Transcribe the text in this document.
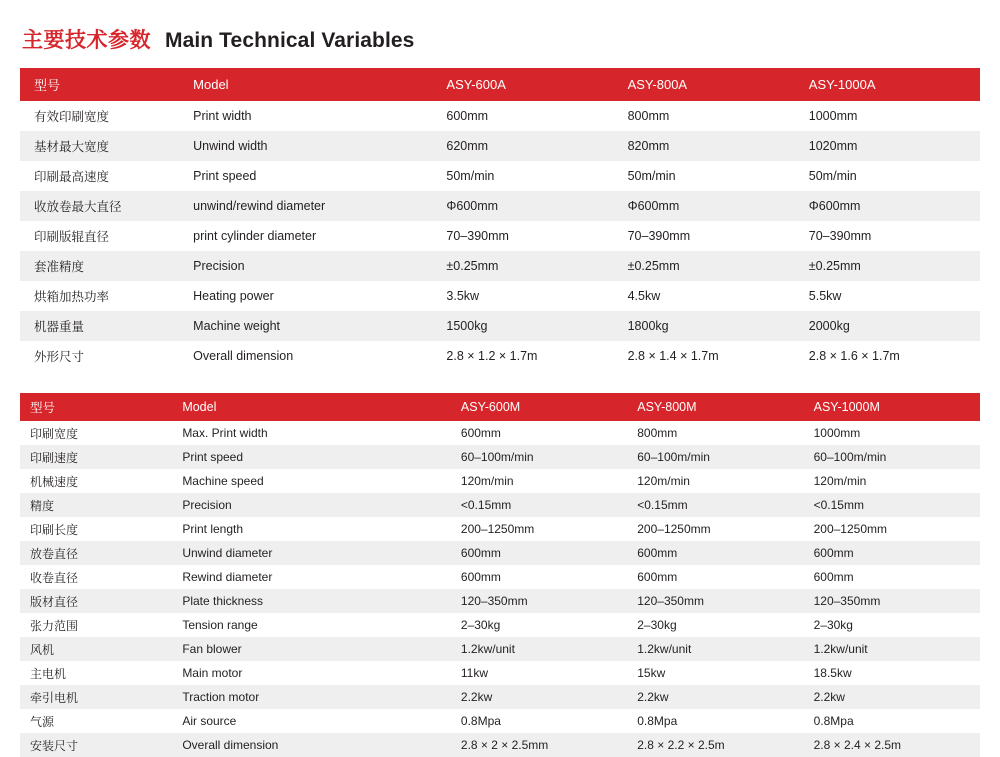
主要技术参数 Main Technical Variables
型号	Model	ASY-600A	ASY-800A	ASY-1000A
有效印刷宽度	Print width	600mm	800mm	1000mm
基材最大宽度	Unwind width	620mm	820mm	1020mm
印刷最高速度	Print speed	50m/min	50m/min	50m/min
收放卷最大直径	unwind/rewind diameter	Φ600mm	Φ600mm	Φ600mm
印刷版辊直径	print cylinder diameter	70–390mm	70–390mm	70–390mm
套准精度	Precision	±0.25mm	±0.25mm	±0.25mm
烘箱加热功率	Heating power	3.5kw	4.5kw	5.5kw
机器重量	Machine weight	1500kg	1800kg	2000kg
外形尺寸	Overall dimension	2.8 × 1.2 × 1.7m	2.8 × 1.4 × 1.7m	2.8 × 1.6 × 1.7m
型号	Model	ASY-600M	ASY-800M	ASY-1000M
印刷宽度	Max. Print width	600mm	800mm	1000mm
印刷速度	Print speed	60–100m/min	60–100m/min	60–100m/min
机械速度	Machine speed	120m/min	120m/min	120m/min
精度	Precision	<0.15mm	<0.15mm	<0.15mm
印刷长度	Print length	200–1250mm	200–1250mm	200–1250mm
放卷直径	Unwind diameter	600mm	600mm	600mm
收卷直径	Rewind diameter	600mm	600mm	600mm
版材直径	Plate thickness	120–350mm	120–350mm	120–350mm
张力范围	Tension range	2–30kg	2–30kg	2–30kg
风机	Fan blower	1.2kw/unit	1.2kw/unit	1.2kw/unit
主电机	Main motor	11kw	15kw	18.5kw
牵引电机	Traction motor	2.2kw	2.2kw	2.2kw
气源	Air source	0.8Mpa	0.8Mpa	0.8Mpa
安装尺寸	Overall dimension	2.8 × 2 × 2.5mm	2.8 × 2.2 × 2.5m	2.8 × 2.4 × 2.5m
